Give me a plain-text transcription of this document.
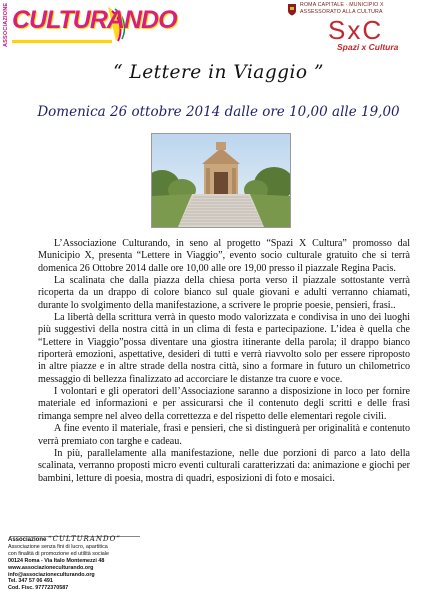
ASSOCIAZIONE CULTURANDO
ROMA CAPITALE · MUNICIPIO X
ASSESSORATO ALLA CULTURA
SxC
Spazi x Cultura
“ Lettere in Viaggio ”
Domenica 26 ottobre 2014 dalle ore 10,00 alle 19,00

L’Associazione Culturando, in seno al progetto “Spazi X Cultura” promosso dal Municipio X, presenta “Lettere in Viaggio”, evento socio culturale gratuito che si terrà domenica 26 Ottobre 2014 dalle ore 10,00 alle ore 19,00 presso il piazzale Regina Pacis.

La scalinata che dalla piazza della chiesa porta verso il piazzale sottostante verrà ricoperta da un drappo di colore bianco sul quale giovani e adulti verranno chiamati, durante lo svolgimento della manifestazione, a scrivere le proprie poesie, pensieri, frasi..

La libertà della scrittura verrà in questo modo valorizzata e condivisa in uno dei luoghi più suggestivi della nostra città in un clima di festa e partecipazione. L’idea è quella che “Lettere in Viaggio”possa diventare una giostra itinerante della parola; il drappo bianco riporterà emozioni, aspettative, desideri di tutti e verrà riavvolto solo per essere riproposto in altre piazze e in altre strade della nostra città, sino a formare in futuro un chilometrico messaggio di bellezza finalizzato ad accorciare le distanze tra cuore e voce.

I volontari e gli operatori dell’Associazione saranno a disposizione in loco per fornire materiale ed informazioni e per assicurarsi che il contenuto degli scritti e delle frasi rimanga sempre nel alveo della correttezza e del rispetto delle elementari regole civili.

A fine evento il materiale, frasi e pensieri, che si distinguerà per originalità e contenuto verrà premiato con targhe e cadeau.

In più, parallelamente alla manifestazione, nelle due porzioni di parco a lato della scalinata, verranno proposti micro eventi culturali caratterizzati da: animazione e giochi per bambini, letture di poesia, mostra di quadri, esposizioni di foto e mosaici.

Associazione “CULTURANDO”
Associazione senza fini di lucro, apartitica
con finalità di promozione ed utilità sociale
00124 Roma - Via Italo Montemezzi 48
www.associazioneculturando.org
info@associazioneculturando.org
Tel. 347 57 06 491
Cod. Fisc. 97772370587
